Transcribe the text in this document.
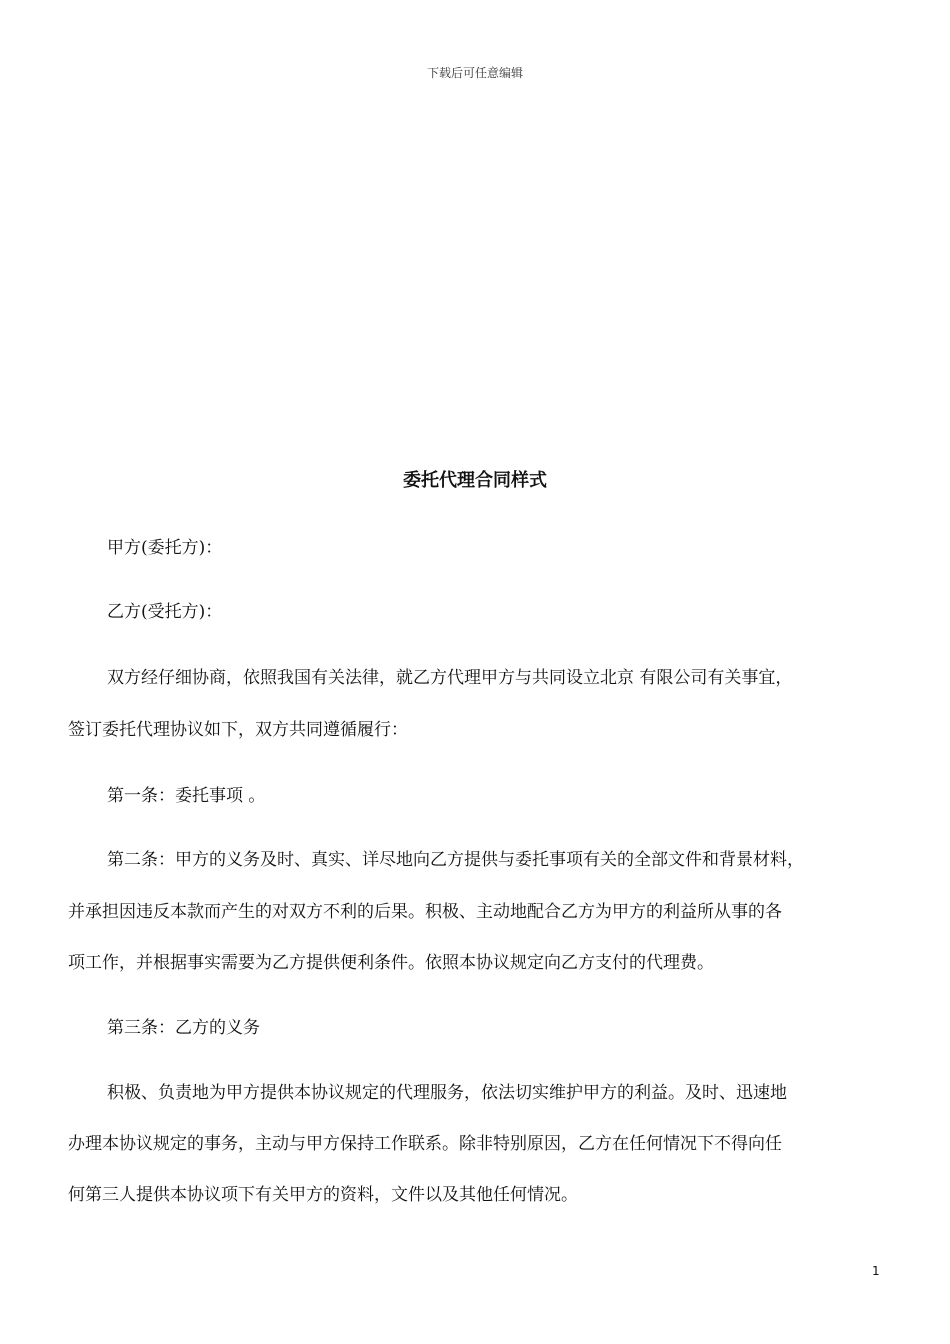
下载后可任意编辑
委托代理合同样式
甲方(委托方)：
乙方(受托方)：
双方经仔细协商，依照我国有关法律，就乙方代理甲方与共同设立北京 有限公司有关事宜，
签订委托代理协议如下，双方共同遵循履行：
第一条：委托事项 。
第二条：甲方的义务及时、真实、详尽地向乙方提供与委托事项有关的全部文件和背景材料，
并承担因违反本款而产生的对双方不利的后果。积极、主动地配合乙方为甲方的利益所从事的各
项工作，并根据事实需要为乙方提供便利条件。依照本协议规定向乙方支付的代理费。
第三条：乙方的义务
积极、负责地为甲方提供本协议规定的代理服务，依法切实维护甲方的利益。及时、迅速地
办理本协议规定的事务，主动与甲方保持工作联系。除非特别原因，乙方在任何情况下不得向任
何第三人提供本协议项下有关甲方的资料，文件以及其他任何情况。
1
